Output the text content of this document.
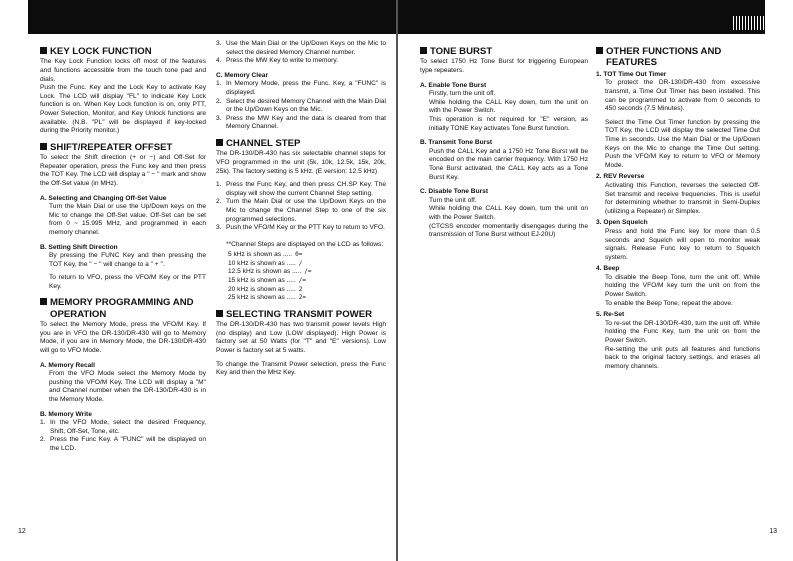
KEY LOCK FUNCTION

The Key Lock Function locks off most of the features and functions accessible from the touch tone pad and dials.

Push the Func. Key and the Lock Key to activate Key Lock. The LCD will display "FL" to indicate Key Lock function is on. When Key Lock function is on, only PTT, Power Selection, Monitor, and Key Unlock functions are available. (N.B. "PL" will be displayed if key-locked during the Priority monitor.)

SHIFT/REPEATER OFFSET

To select the Shift direction (+ or −) and Off-Set for Repeater operation, press the Func key and then press the TOT Key. The LCD will display a " − " mark and show the Off-Set value (in MHz).

A. Selecting and Changing Off-Set Value

Turn the Main Dial or use the Up/Down keys on the Mic to change the Off-Set value. Off-Set can be set from 0 ~ 15.995 MHz, and programmed in each memory channel.

B. Setting Shift Direction

By pressing the FUNC Key and then pressing the TOT Key, the " − " will change to a " + ".

To return to VFO, press the VFO/M Key or the PTT Key.

MEMORY PROGRAMMING AND
OPERATION

To select the Memory Mode, press the VFO/M Key. If you are in VFO the DR-130/DR-430 will go to Memory Mode, if you are in Memory Mode, the DR-130/DR-430 will go to VFO Mode.

A. Memory Recall

From the VFO Mode select the Memory Mode by pushing the VFO/M Key. The LCD will display a "M" and Channel number when the DR-130/DR-430 is in the Memory Mode.

B. Memory Write

1. In the VFO Mode, select the desired Frequency, Shift, Off-Set, Tone, etc.

2. Press the Func Key. A "FUNC" will be displayed on the LCD.

3. Use the Main Dial or the Up/Down Keys on the Mic to select the desired Memory Channel number.

4. Press the MW Key to write to memory.

C. Memory Clear

1. In Memory Mode, press the Func. Key, a "FUNC" is displayed.

2. Select the desired Memory Channel with the Main Dial or the Up/Down Keys on the Mic.

3. Press the MW Key and the data is cleared from that Memory Channel.

CHANNEL STEP

The DR-130/DR-430 has six selectable channel steps for VFO programmed in the unit (5k, 10k, 12.5k, 15k, 20k, 25k). The factory setting is 5 kHz. (E version: 12.5 kHz)

1. Press the Func Key, and then press CH.SP Key. The display will show the current Channel Step setting.

2. Turn the Main Dial or use the Up/Down Keys on the Mic to change the Channel Step to one of the six programmed selections.

3. Push the VFO/M Key or the PTT Key to return to VFO.

**Channel Steps are displayed on the LCD as follows:

5 kHz is shown as ..... 0=
10 kHz is shown as ..... /
12.5 kHz is shown as ..... /=
15 kHz is shown as ..... /=
20 kHz is shown as ..... 2
25 kHz is shown as ..... 2=
SELECTING TRANSMIT POWER

The DR-130/DR-430 has two transmit power levels High (no display) and Low (LOW displayed). High Power is factory set at 50 Watts (for "T" and "E" versions). Low Power is factory set at 5 watts.

To change the Transmit Power selection, press the Func Key and then the MHz Key.

TONE BURST

To select 1750 Hz Tone Burst for triggering European type repeaters.

A. Enable Tone Burst

Firstly, turn the unit off.

While holding the CALL Key down, turn the unit on with the Power Switch.

This operation is not required for "E" version, as initially TONE Key activates Tone Burst function.

B. Transmit Tone Burst

Push the CALL Key and a 1750 Hz Tone Burst will be encoded on the main carrier frequency. With 1750 Hz Tone Burst activated, the CALL Key acts as a Tone Burst Key.

C. Disable Tone Burst

Turn the unit off.

While holding the CALL Key down, turn the unit on with the Power Switch.

(CTCSS encoder momentarily disengages during the transmission of Tone Burst without EJ-20U)

OTHER FUNCTIONS AND
FEATURES
1. TOT Time Out Timer

To protect the DR-130/DR-430 from excessive transmit, a Time Out Timer has been installed. This can be programmed to activate from 0 seconds to 450 seconds (7.5 Minutes).

Select the Time Out Timer function by pressing the TOT Key, the LCD will display the selected Time Out Time in seconds. Use the Main Dial or the Up/Down Keys on the Mic to change the Time Out setting. Push the VFO/M Key to return to VFO or Memory Mode.

2. REV Reverse

Activating this Function, reverses the selected Off-Set transmit and receive frequencies. This is useful for determining whether to transmit in Semi-Duplex (utilizing a Repeater) or Simplex.

3. Open Squelch

Press and hold the Func key for more than 0.5 seconds and Squelch will open to monitor weak signals. Release Func key to return to Squelch system.

4. Beep

To disable the Beep Tone, turn the unit off. While holding the VFO/M key turn the unit on from the Power Switch.

To enable the Beep Tone, repeat the above.

5. Re-Set

To re-set the DR-130/DR-430, turn the unit off. While holding the Func Key, turn the unit on from the Power Switch.

Re-setting the unit puts all features and functions back to the original factory settings, and erases all memory channels.

12	13
